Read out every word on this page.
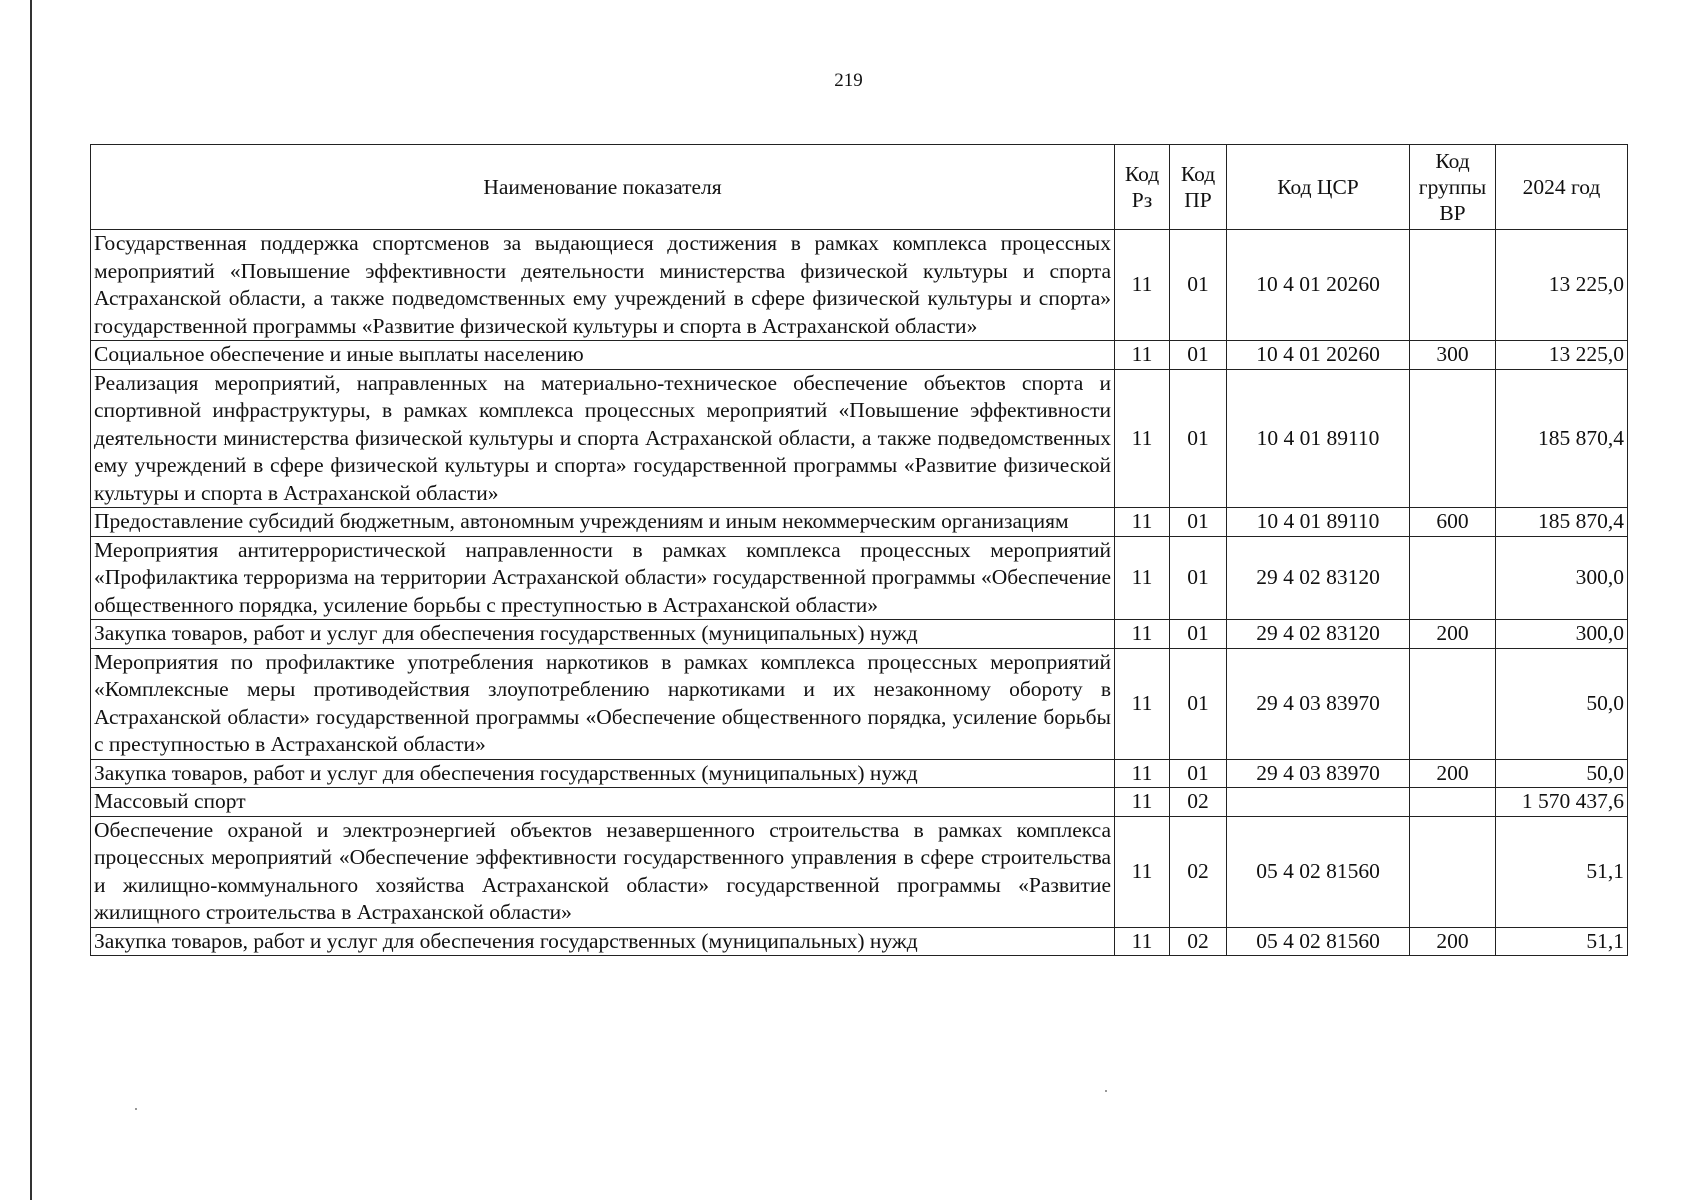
219
Наименование показателя	Код Рз	Код ПР	Код ЦСР	Код группы ВР	2024 год
Государственная поддержка спортсменов за выдающиеся достижения в рамках комплекса процессных мероприятий «Повышение эффективности деятельности министерства физической культуры и спорта Астраханской области, а также подведомственных ему учреждений в сфере физической культуры и спорта» государственной программы «Развитие физической культуры и спорта в Астраханской области»	11	01	10 4 01 20260		13 225,0
Социальное обеспечение и иные выплаты населению	11	01	10 4 01 20260	300	13 225,0
Реализация мероприятий, направленных на материально-техническое обеспечение объектов спорта и спортивной инфраструктуры, в рамках комплекса процессных мероприятий «Повышение эффективности деятельности министерства физической культуры и спорта Астраханской области, а также подведомственных ему учреждений в сфере физической культуры и спорта» государственной программы «Развитие физической культуры и спорта в Астраханской области»	11	01	10 4 01 89110		185 870,4
Предоставление субсидий бюджетным, автономным учреждениям и иным некоммерческим организациям	11	01	10 4 01 89110	600	185 870,4
Мероприятия антитеррористической направленности в рамках комплекса процессных мероприятий «Профилактика терроризма на территории Астраханской области» государственной программы «Обеспечение общественного порядка, усиление борьбы с преступностью в Астраханской области»	11	01	29 4 02 83120		300,0
Закупка товаров, работ и услуг для обеспечения государственных (муниципальных) нужд	11	01	29 4 02 83120	200	300,0
Мероприятия по профилактике употребления наркотиков в рамках комплекса процессных мероприятий «Комплексные меры противодействия злоупотреблению наркотиками и их незаконному обороту в Астраханской области» государственной программы «Обеспечение общественного порядка, усиление борьбы с преступностью в Астраханской области»	11	01	29 4 03 83970		50,0
Закупка товаров, работ и услуг для обеспечения государственных (муниципальных) нужд	11	01	29 4 03 83970	200	50,0
Массовый спорт	11	02			1 570 437,6
Обеспечение охраной и электроэнергией объектов незавершенного строительства в рамках комплекса процессных мероприятий «Обеспечение эффективности государственного управления в сфере строительства и жилищно-коммунального хозяйства Астраханской области» государственной программы «Развитие жилищного строительства в Астраханской области»	11	02	05 4 02 81560		51,1
Закупка товаров, работ и услуг для обеспечения государственных (муниципальных) нужд	11	02	05 4 02 81560	200	51,1
